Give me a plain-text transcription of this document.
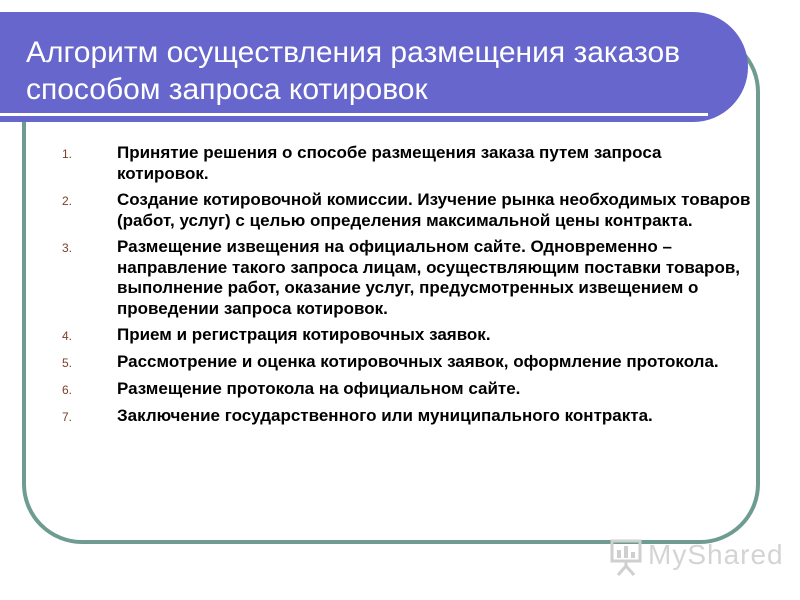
Алгоритм осуществления размещения заказов способом запроса котировок
1.	Принятие решения о способе размещения заказа путем запроса котировок.
2.	Создание котировочной комиссии. Изучение рынка необходимых товаров (работ, услуг) с целью определения максимальной цены контракта.
3.	Размещение извещения на официальном сайте. Одновременно – направление такого запроса лицам, осуществляющим поставки товаров, выполнение работ, оказание услуг, предусмотренных извещением о проведении запроса котировок.
4.	Прием и регистрация котировочных заявок.
5.	Рассмотрение и оценка котировочных заявок, оформление протокола.
6.	Размещение протокола на официальном сайте.
7.	Заключение государственного или муниципального контракта.
MyShared
